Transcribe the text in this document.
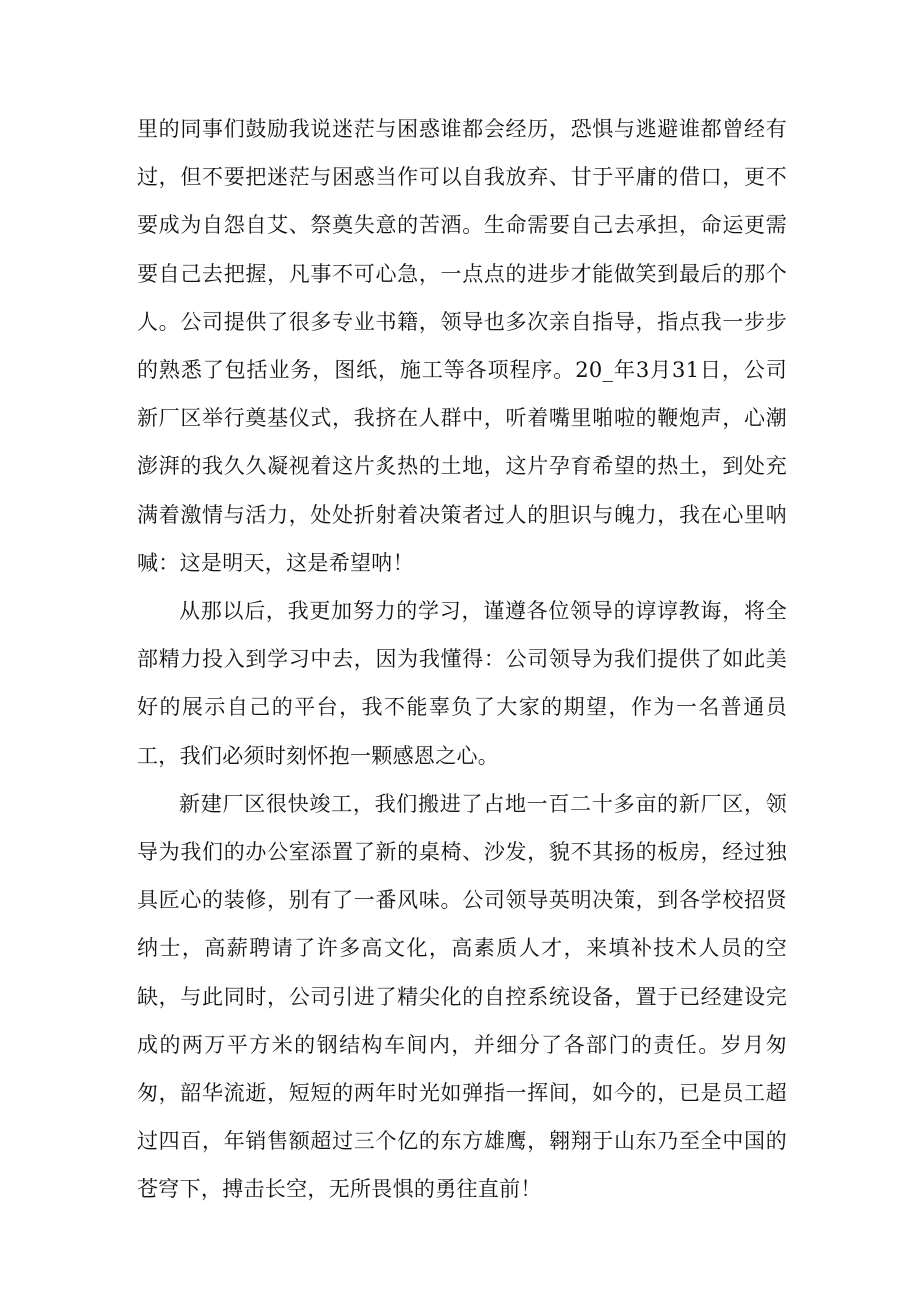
里的同事们鼓励我说迷茫与困惑谁都会经历，恐惧与逃避谁都曾经有过，但不要把迷茫与困惑当作可以自我放弃、甘于平庸的借口，更不要成为自怨自艾、祭奠失意的苦酒。生命需要自己去承担，命运更需要自己去把握，凡事不可心急，一点点的进步才能做笑到最后的那个人。公司提供了很多专业书籍，领导也多次亲自指导，指点我一步步的熟悉了包括业务，图纸，施工等各项程序。20_年3月31日，公司新厂区举行奠基仪式，我挤在人群中，听着嘴里啪啦的鞭炮声，心潮澎湃的我久久凝视着这片炙热的土地，这片孕育希望的热土，到处充满着激情与活力，处处折射着决策者过人的胆识与魄力，我在心里呐喊：这是明天，这是希望呐！

从那以后，我更加努力的学习，谨遵各位领导的谆谆教诲，将全部精力投入到学习中去，因为我懂得：公司领导为我们提供了如此美好的展示自己的平台，我不能辜负了大家的期望，作为一名普通员工，我们必须时刻怀抱一颗感恩之心。

新建厂区很快竣工，我们搬进了占地一百二十多亩的新厂区，领导为我们的办公室添置了新的桌椅、沙发，貌不其扬的板房，经过独具匠心的装修，别有了一番风味。公司领导英明决策，到各学校招贤纳士，高薪聘请了许多高文化，高素质人才，来填补技术人员的空缺，与此同时，公司引进了精尖化的自控系统设备，置于已经建设完成的两万平方米的钢结构车间内，并细分了各部门的责任。岁月匆匆，韶华流逝，短短的两年时光如弹指一挥间，如今的，已是员工超过四百，年销售额超过三个亿的东方雄鹰，翱翔于山东乃至全中国的苍穹下，搏击长空，无所畏惧的勇往直前！
